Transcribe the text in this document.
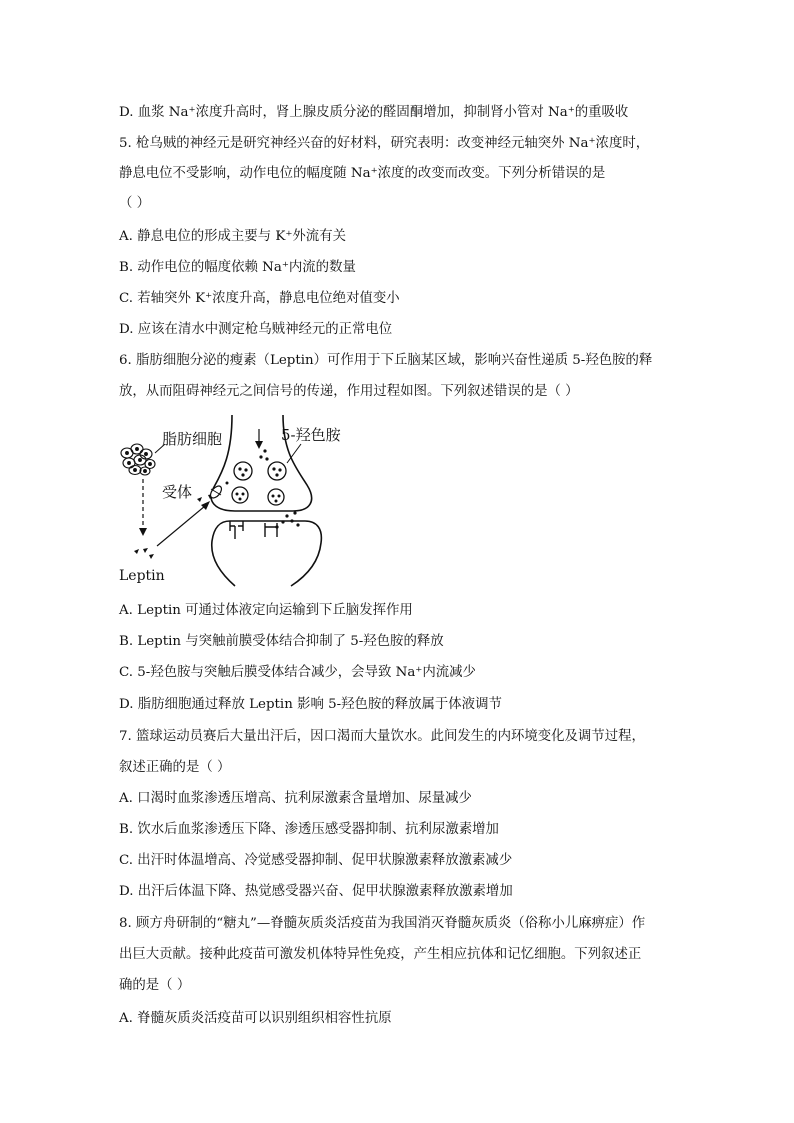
D. 血浆 Na⁺浓度升高时，肾上腺皮质分泌的醛固酮增加，抑制肾小管对 Na⁺的重吸收
5. 枪乌贼的神经元是研究神经兴奋的好材料，研究表明：改变神经元轴突外 Na⁺浓度时，
静息电位不受影响，动作电位的幅度随 Na⁺浓度的改变而改变。下列分析错误的是
（ ）
A. 静息电位的形成主要与 K⁺外流有关
B. 动作电位的幅度依赖 Na⁺内流的数量
C. 若轴突外 K⁺浓度升高，静息电位绝对值变小
D. 应该在清水中测定枪乌贼神经元的正常电位
6. 脂肪细胞分泌的瘦素（Leptin）可作用于下丘脑某区域，影响兴奋性递质 5-羟色胺的释
放，从而阻碍神经元之间信号的传递，作用过程如图。下列叙述错误的是（ ）
脂肪细胞
Leptin
受体
5-羟色胺
A. Leptin 可通过体液定向运输到下丘脑发挥作用
B. Leptin 与突触前膜受体结合抑制了 5-羟色胺的释放
C. 5-羟色胺与突触后膜受体结合减少，会导致 Na⁺内流减少
D. 脂肪细胞通过释放 Leptin 影响 5-羟色胺的释放属于体液调节
7. 篮球运动员赛后大量出汗后，因口渴而大量饮水。此间发生的内环境变化及调节过程，
叙述正确的是（ ）
A. 口渴时血浆渗透压增高、抗利尿激素含量增加、尿量减少
B. 饮水后血浆渗透压下降、渗透压感受器抑制、抗利尿激素增加
C. 出汗时体温增高、冷觉感受器抑制、促甲状腺激素释放激素减少
D. 出汗后体温下降、热觉感受器兴奋、促甲状腺激素释放激素增加
8. 顾方舟研制的“糖丸”—脊髓灰质炎活疫苗为我国消灭脊髓灰质炎（俗称小儿麻痹症）作
出巨大贡献。接种此疫苗可激发机体特异性免疫，产生相应抗体和记忆细胞。下列叙述正
确的是（ ）
A. 脊髓灰质炎活疫苗可以识别组织相容性抗原
